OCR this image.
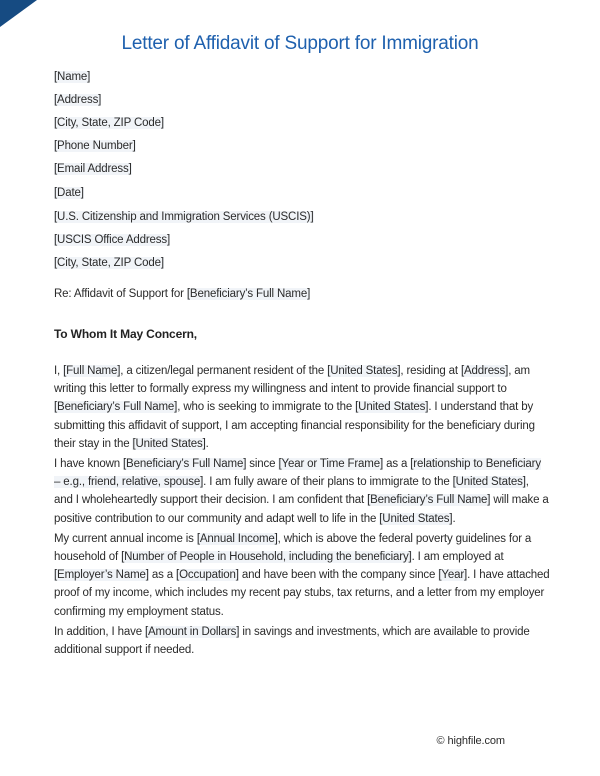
Letter of Affidavit of Support for Immigration
[Name]
[Address]
[City, State, ZIP Code]
[Phone Number]
[Email Address]
[Date]
[U.S. Citizenship and Immigration Services (USCIS)]
[USCIS Office Address]
[City, State, ZIP Code]
Re: Affidavit of Support for [Beneficiary’s Full Name]
To Whom It May Concern,

I, [Full Name], a citizen/legal permanent resident of the [United States], residing at [Address], am writing this letter to formally express my willingness and intent to provide financial support to [Beneficiary’s Full Name], who is seeking to immigrate to the [United States]. I understand that by submitting this affidavit of support, I am accepting financial responsibility for the beneficiary during their stay in the [United States].

I have known [Beneficiary’s Full Name] since [Year or Time Frame] as a [relationship to Beneficiary – e.g., friend, relative, spouse]. I am fully aware of their plans to immigrate to the [United States], and I wholeheartedly support their decision. I am confident that [Beneficiary’s Full Name] will make a positive contribution to our community and adapt well to life in the [United States].

My current annual income is [Annual Income], which is above the federal poverty guidelines for a household of [Number of People in Household, including the beneficiary]. I am employed at [Employer’s Name] as a [Occupation] and have been with the company since [Year]. I have attached proof of my income, which includes my recent pay stubs, tax returns, and a letter from my employer confirming my employment status.

In addition, I have [Amount in Dollars] in savings and investments, which are available to provide additional support if needed.

© highfile.com
